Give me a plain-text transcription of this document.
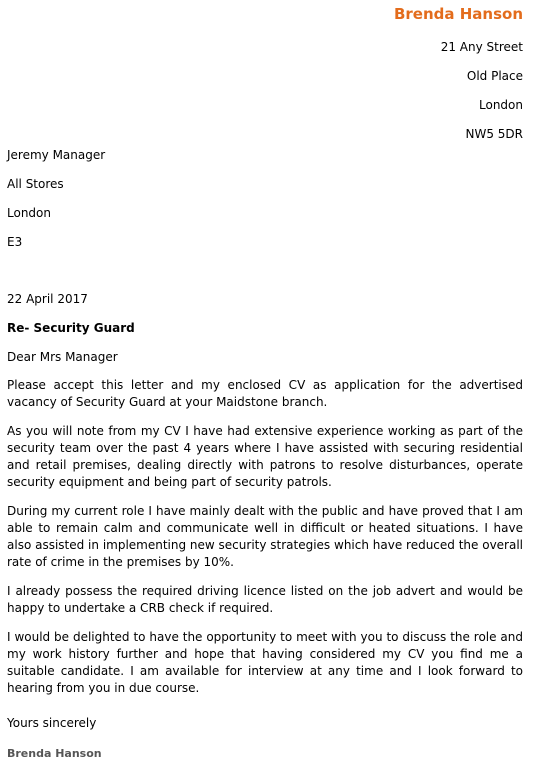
Brenda Hanson
21 Any Street
Old Place
London
NW5 5DR
Jeremy Manager
All Stores
London
E3
22 April 2017
Re- Security Guard
Dear Mrs Manager

Please accept this letter and my enclosed CV as application for the advertised vacancy of Security Guard at your Maidstone branch.

As you will note from my CV I have had extensive experience working as part of the security team over the past 4 years where I have assisted with securing residential and retail premises, dealing directly with patrons to resolve disturbances, operate security equipment and being part of security patrols.

During my current role I have mainly dealt with the public and have proved that I am able to remain calm and communicate well in difficult or heated situations. I have also assisted in implementing new security strategies which have reduced the overall rate of crime in the premises by 10%.

I already possess the required driving licence listed on the job advert and would be happy to undertake a CRB check if required.

I would be delighted to have the opportunity to meet with you to discuss the role and my work history further and hope that having considered my CV you find me a suitable candidate. I am available for interview at any time and I look forward to hearing from you in due course.

Yours sincerely
Brenda Hanson
